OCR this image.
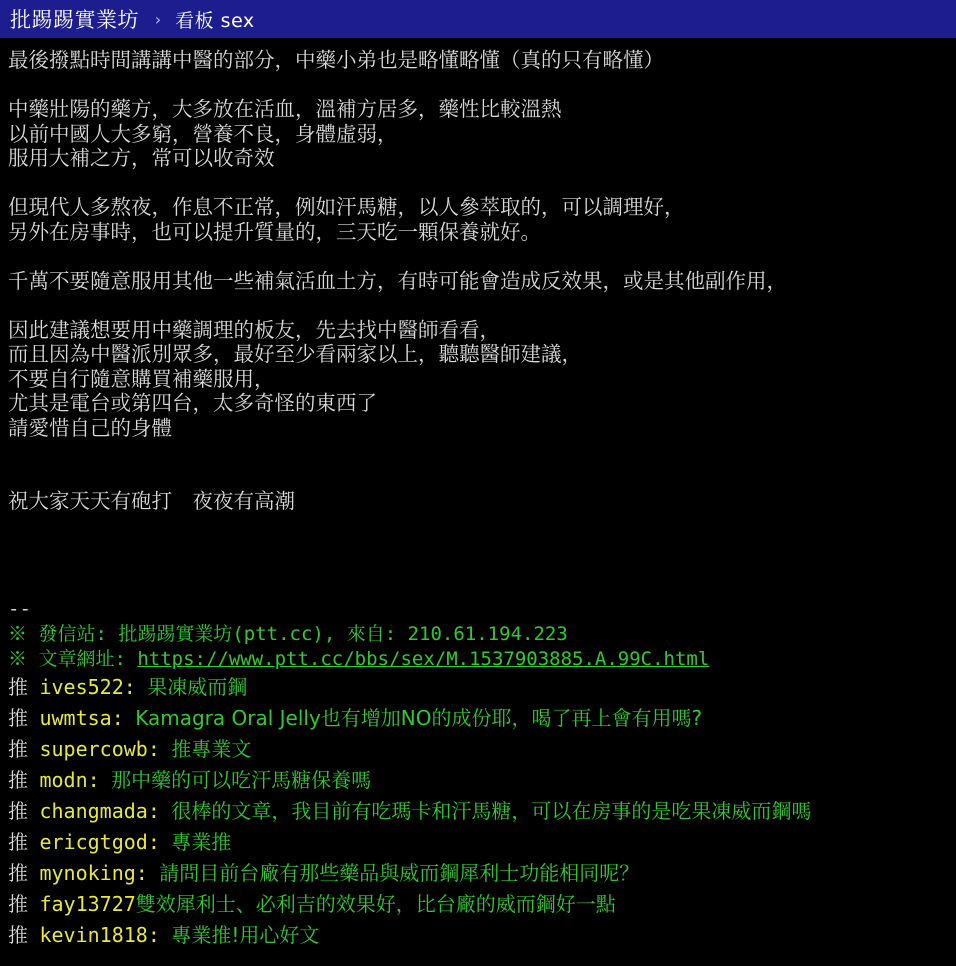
批踢踢實業坊 › 看板 sex
最後撥點時間講講中醫的部分，中藥小弟也是略懂略懂（真的只有略懂）
中藥壯陽的藥方，大多放在活血，溫補方居多，藥性比較溫熱
以前中國人大多窮，營養不良，身體虛弱，
服用大補之方，常可以收奇效
但現代人多熬夜，作息不正常，例如汗馬糖，以人參萃取的，可以調理好，
另外在房事時，也可以提升質量的，三天吃一顆保養就好。
千萬不要隨意服用其他一些補氣活血土方，有時可能會造成反效果，或是其他副作用，
因此建議想要用中藥調理的板友，先去找中醫師看看，
而且因為中醫派別眾多，最好至少看兩家以上，聽聽醫師建議，
不要自行隨意購買補藥服用，
尤其是電台或第四台，太多奇怪的東西了
請愛惜自己的身體
祝大家天天有砲打　夜夜有高潮
--
※ 發信站: 批踢踢實業坊(ptt.cc), 來自: 210.61.194.223
※ 文章網址: https://www.ptt.cc/bbs/sex/M.1537903885.A.99C.html
推 ives522: 果凍威而鋼
推 uwmtsa: Kamagra Oral Jelly也有增加NO的成份耶，喝了再上會有用嗎?
推 supercowb: 推專業文
推 modn: 那中藥的可以吃汗馬糖保養嗎
推 changmada: 很棒的文章，我目前有吃瑪卡和汗馬糖，可以在房事的是吃果凍威而鋼嗎
推 ericgtgod: 專業推
推 mynoking: 請問目前台廠有那些藥品與威而鋼犀利士功能相同呢？
推 fay13727雙效犀利士、必利吉的效果好，比台廠的威而鋼好一點
推 kevin1818: 專業推!用心好文
